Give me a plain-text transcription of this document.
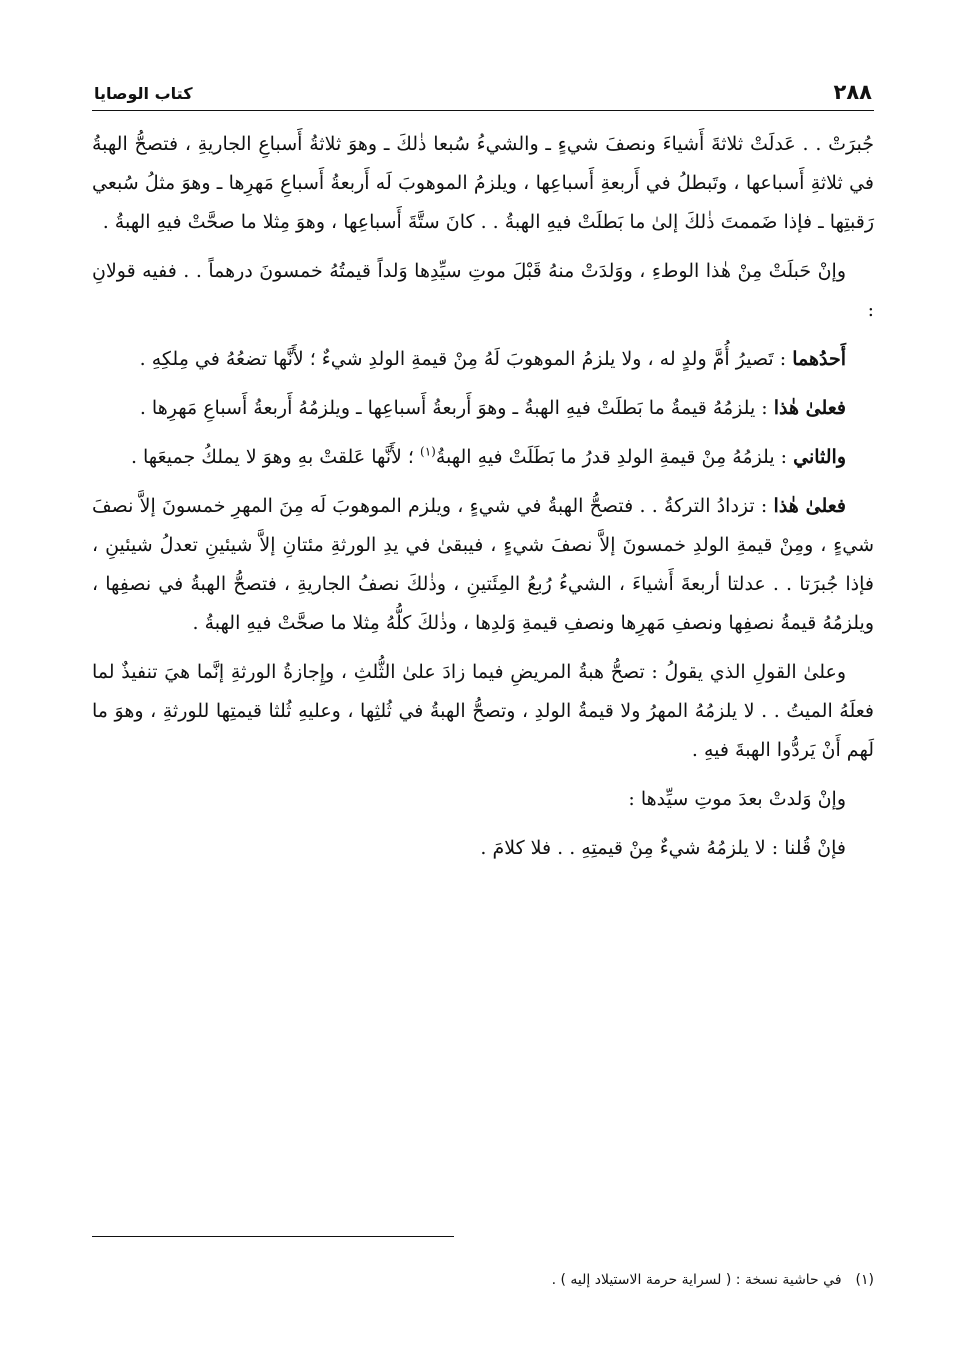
٢٨٨
كتاب الوصايا

جُبرَتْ . . عَدلَتْ ثلاثةَ أَشياءَ ونصفَ شيءٍ ـ والشيءُ سُبعا ذٰلكَ ـ وهوَ ثلاثةُ أَسباعِ الجاريةِ ، فتصحُّ الهبةُ في ثلاثةِ أَسباعها ، وتَبطلُ في أَربعةِ أَسباعِها ، ويلزمُ الموهوبَ لَه أَربعةُ أَسباعِ مَهرِها ـ وهوَ مثلُ سُبعي رَقبتِها ـ فإذا ضَممتَ ذٰلكَ إلىٰ ما بَطلَتْ فيهِ الهبةُ . . كانَ ستَّةَ أَسباعِها ، وهوَ مِثلا ما صحَّتْ فيهِ الهبةُ .

وإنْ حَبلَتْ مِنْ هٰذا الوطءِ ، ووَلدَتْ منهُ قَبْلَ موتِ سيِّدِها وَلداً قيمتُهُ خمسونَ درهماً . . ففيه قولانِ :

أَحدُهما : تَصيرُ أُمَّ ولدٍ له ، ولا يلزمُ الموهوبَ لَهُ مِنْ قيمةِ الولدِ شيءٌ ؛ لأَنَّها تضعُهُ في مِلكِهِ .

فعلىٰ هٰذا : يلزمُهُ قيمةُ ما بَطلَتْ فيهِ الهبةُ ـ وهوَ أَربعةُ أَسباعِها ـ ويلزمُهُ أَربعةُ أَسباعِ مَهرِها .

والثاني : يلزمُهُ مِنْ قيمةِ الولدِ قدرُ ما بَطَلَتْ فيهِ الهبةُ$^{(١)}$ ؛ لأَنَّها عَلقتْ بهِ وهوَ لا يملكُ جميعَها .

فعلىٰ هٰذا : تزدادُ التركةُ . . فتصحُّ الهبةُ في شيءٍ ، ويلزم الموهوبَ لَه مِنَ المهرِ خمسونَ إلاَّ نصفَ شيءٍ ، ومِنْ قيمةِ الولدِ خمسونَ إلاَّ نصفَ شيءٍ ، فيبقىٰ في يدِ الورثةِ مئتانِ إلاَّ شيئينِ تعدلُ شيئينِ ، فإذا جُبرَتا . . عدلتا أربعةَ أَشياءَ ، الشيءُ رُبعُ المِئَتينِ ، وذٰلكَ نصفُ الجاريةِ ، فتصحُّ الهبةُ في نصفِها ، ويلزمُهُ قيمةُ نصفِها ونصفِ مَهرِها ونصفِ قيمةِ وَلدِها ، وذٰلكَ كلُّهُ مِثلا ما صحَّتْ فيهِ الهبةُ .

وعلىٰ القولِ الذي يقولُ : تصحُّ هبةُ المريضِ فيما زادَ علىٰ الثُّلثِ ، وإِجازةُ الورثةِ إنَّما هيَ تنفيذٌ لما فعلَهُ الميتُ . . لا يلزمُهُ المهرُ ولا قيمةُ الولدِ ، وتصحُّ الهبةُ في ثُلثِها ، وعليهِ ثُلثا قيمتِها للورثةِ ، وهوَ ما لَهم أَنْ يَردُّوا الهبةَ فيهِ .

وإنْ وَلدتْ بعدَ موتِ سيِّدها :

فإنْ قُلنا : لا يلزمُهُ شيءٌ مِنْ قيمتِهِ . . فلا كلامَ .

(١)في حاشية نسخة : ( لسراية حرمة الاستيلاد إليه ) .
